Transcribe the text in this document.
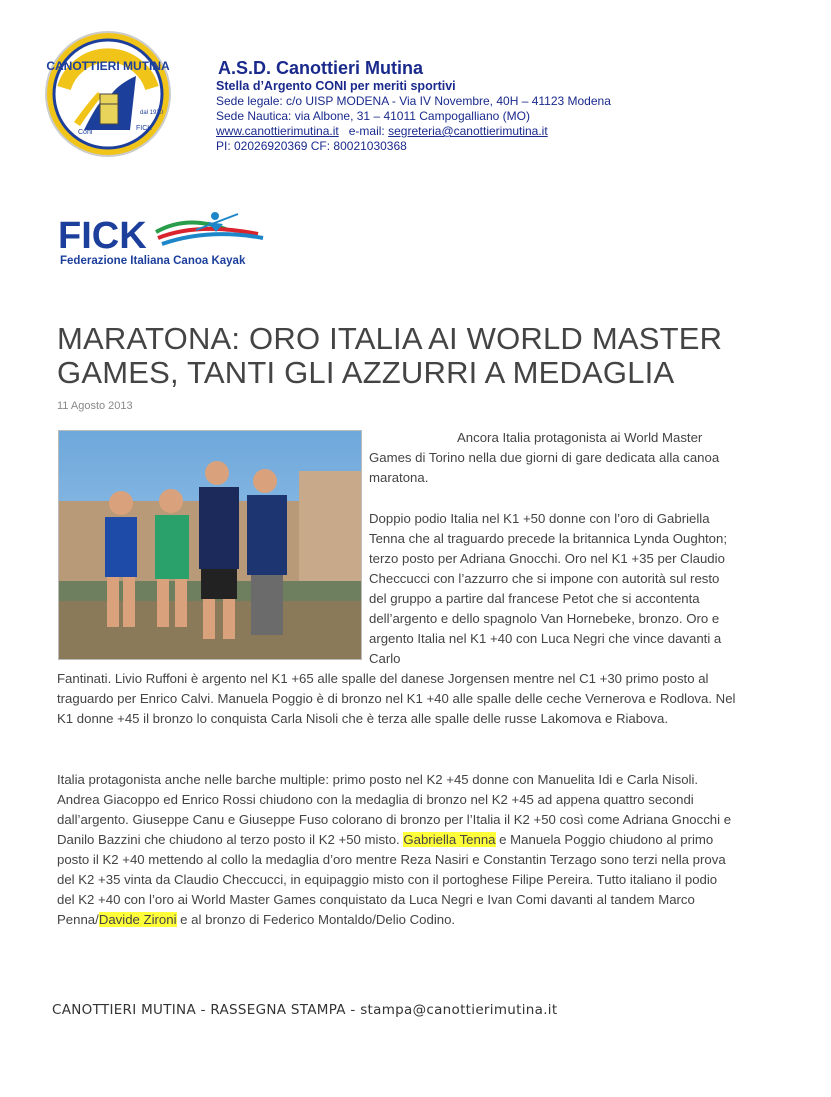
CANOTTIERI MUTINA
FICK
Coni
dal 1930
A.S.D. Canottieri Mutina
Stella d’Argento CONI per meriti sportivi
Sede legale: c/o UISP MODENA - Via IV Novembre, 40H – 41123 Modena
Sede Nautica: via Albone, 31 – 41011 Campogalliano (MO)
www.canottierimutina.it e-mail: segreteria@canottierimutina.it
PI: 02026920369 CF: 80021030368
FICK
Federazione Italiana Canoa Kayak
MARATONA: ORO ITALIA AI WORLD MASTER GAMES, TANTI GLI AZZURRI A MEDAGLIA
11 Agosto 2013
Ancora Italia protagonista ai World Master Games di Torino nella due giorni di gare dedicata alla canoa maratona.
Doppio podio Italia nel K1 +50 donne con l’oro di Gabriella Tenna che al traguardo precede la britannica Lynda Oughton; terzo posto per Adriana Gnocchi. Oro nel K1 +35 per Claudio Checcucci con l’azzurro che si impone con autorità sul resto del gruppo a partire dal francese Petot che si accontenta dell’argento e dello spagnolo Van Hornebeke, bronzo. Oro e argento Italia nel K1 +40 con Luca Negri che vince davanti a Carlo
Fantinati. Livio Ruffoni è argento nel K1 +65 alle spalle del danese Jorgensen mentre nel C1 +30 primo posto al traguardo per Enrico Calvi. Manuela Poggio è di bronzo nel K1 +40 alle spalle delle ceche Vernerova e Rodlova. Nel K1 donne +45 il bronzo lo conquista Carla Nisoli che è terza alle spalle delle russe Lakomova e Riabova.
Italia protagonista anche nelle barche multiple: primo posto nel K2 +45 donne con Manuelita Idi e Carla Nisoli. Andrea Giacoppo ed Enrico Rossi chiudono con la medaglia di bronzo nel K2 +45 ad appena quattro secondi dall’argento. Giuseppe Canu e Giuseppe Fuso colorano di bronzo per l’Italia il K2 +50 così come Adriana Gnocchi e Danilo Bazzini che chiudono al terzo posto il K2 +50 misto. Gabriella Tenna e Manuela Poggio chiudono al primo posto il K2 +40 mettendo al collo la medaglia d’oro mentre Reza Nasiri e Constantin Terzago sono terzi nella prova del K2 +35 vinta da Claudio Checcucci, in equipaggio misto con il portoghese Filipe Pereira. Tutto italiano il podio del K2 +40 con l’oro ai World Master Games conquistato da Luca Negri e Ivan Comi davanti al tandem Marco Penna/Davide Zironi e al bronzo di Federico Montaldo/Delio Codino.
CANOTTIERI MUTINA - RASSEGNA STAMPA - stampa@canottierimutina.it
